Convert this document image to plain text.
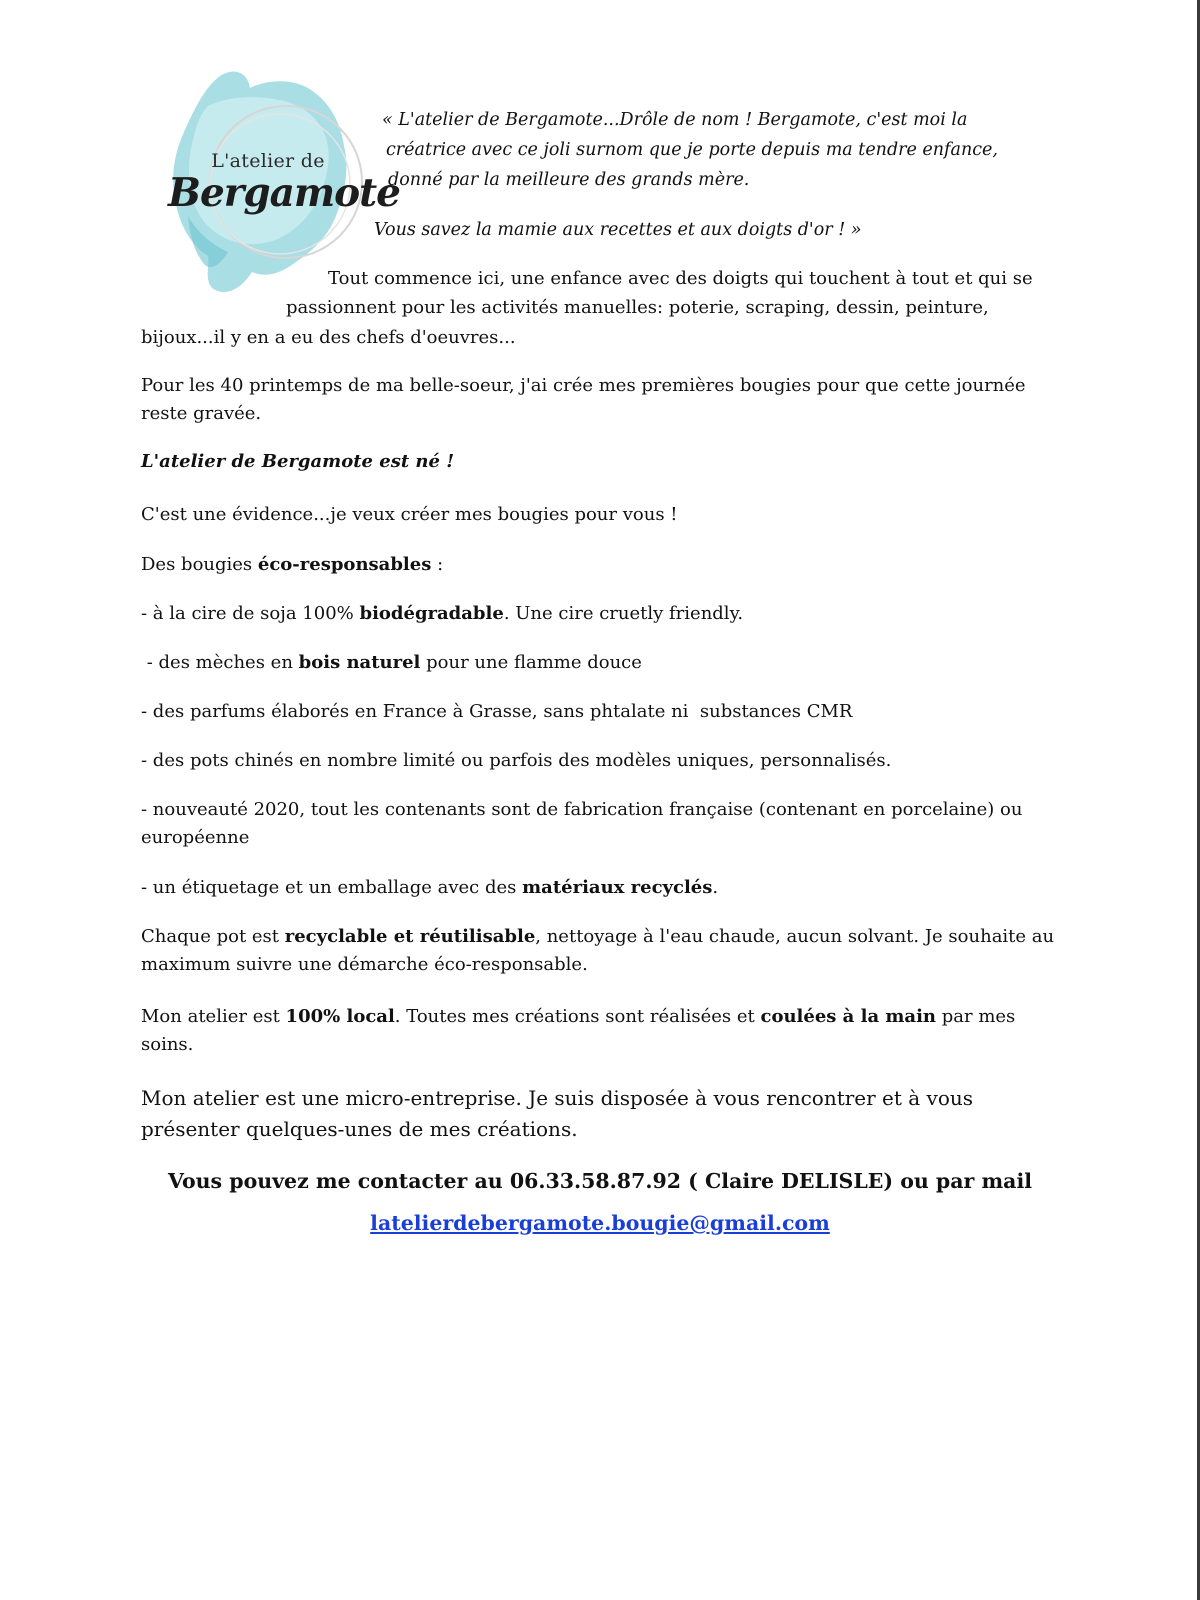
L'atelier de
Bergamote
« L'atelier de Bergamote...Drôle de nom ! Bergamote, c'est moi la
créatrice avec ce joli surnom que je porte depuis ma tendre enfance,
donné par la meilleure des grands mère.
Vous savez la mamie aux recettes et aux doigts d'or ! »
Tout commence ici, une enfance avec des doigts qui touchent à tout et qui se
passionnent pour les activités manuelles: poterie, scraping, dessin, peinture,
bijoux...il y en a eu des chefs d'oeuvres...
Pour les 40 printemps de ma belle-soeur, j'ai crée mes premières bougies pour que cette journée reste gravée.
L'atelier de Bergamote est né !
C'est une évidence...je veux créer mes bougies pour vous !
Des bougies éco-responsables :
- à la cire de soja 100% biodégradable. Une cire cruetly friendly.
- des mèches en bois naturel pour une flamme douce
- des parfums élaborés en France à Grasse, sans phtalate ni  substances CMR
- des pots chinés en nombre limité ou parfois des modèles uniques, personnalisés.
- nouveauté 2020, tout les contenants sont de fabrication française (contenant en porcelaine) ou européenne
- un étiquetage et un emballage avec des matériaux recyclés.
Chaque pot est recyclable et réutilisable, nettoyage à l'eau chaude, aucun solvant. Je souhaite au maximum suivre une démarche éco-responsable.
Mon atelier est 100% local. Toutes mes créations sont réalisées et coulées à la main par mes soins.
Mon atelier est une micro-entreprise. Je suis disposée à vous rencontrer et à vous présenter quelques-unes de mes créations.
Vous pouvez me contacter au 06.33.58.87.92 ( Claire DELISLE) ou par mail
latelierdebergamote.bougie@gmail.com
